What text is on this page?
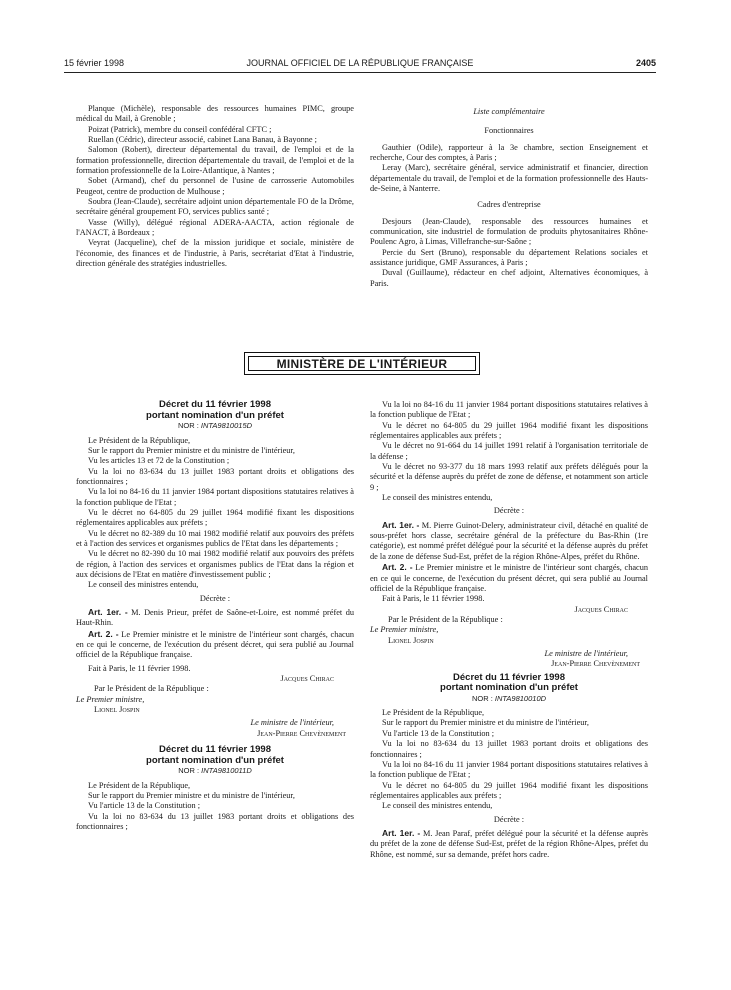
15 février 1998	JOURNAL OFFICIEL DE LA RÉPUBLIQUE FRANÇAISE	2405

Planque (Michèle), responsable des ressources humaines PIMC, groupe médical du Mail, à Grenoble ;

Poizat (Patrick), membre du conseil confédéral CFTC ;

Ruellan (Cédric), directeur associé, cabinet Lana Banau, à Bayonne ;

Salomon (Robert), directeur départemental du travail, de l'emploi et de la formation professionnelle, direction départementale du travail, de l'emploi et de la formation professionnelle de la Loire-Atlantique, à Nantes ;

Sobet (Armand), chef du personnel de l'usine de carrosserie Automobiles Peugeot, centre de production de Mulhouse ;

Soubra (Jean-Claude), secrétaire adjoint union départementale FO de la Drôme, secrétaire général groupement FO, services publics santé ;

Vasse (Willy), délégué régional ADERA-AACTA, action régionale de l'ANACT, à Bordeaux ;

Veyrat (Jacqueline), chef de la mission juridique et sociale, ministère de l'économie, des finances et de l'industrie, à Paris, secrétariat d'Etat à l'industrie, direction générale des stratégies industrielles.

Liste complémentaire

Fonctionnaires

Gauthier (Odile), rapporteur à la 3e chambre, section Enseignement et recherche, Cour des comptes, à Paris ;

Leray (Marc), secrétaire général, service administratif et financier, direction départementale du travail, de l'emploi et de la formation professionnelle des Hauts-de-Seine, à Nanterre.

Cadres d'entreprise

Desjours (Jean-Claude), responsable des ressources humaines et communication, site industriel de formulation de produits phytosanitaires Rhône-Poulenc Agro, à Limas, Villefranche-sur-Saône ;

Percie du Sert (Bruno), responsable du département Relations sociales et assistance juridique, GMF Assurances, à Paris ;

Duval (Guillaume), rédacteur en chef adjoint, Alternatives économiques, à Paris.

MINISTÈRE DE L'INTÉRIEUR
Décret du 11 février 1998
portant nomination d'un préfet
NOR : INTA9810015D

Le Président de la République,

Sur le rapport du Premier ministre et du ministre de l'intérieur,

Vu les articles 13 et 72 de la Constitution ;

Vu la loi no 83-634 du 13 juillet 1983 portant droits et obligations des fonctionnaires ;

Vu la loi no 84-16 du 11 janvier 1984 portant dispositions statutaires relatives à la fonction publique de l'Etat ;

Vu le décret no 64-805 du 29 juillet 1964 modifié fixant les dispositions réglementaires applicables aux préfets ;

Vu le décret no 82-389 du 10 mai 1982 modifié relatif aux pouvoirs des préfets et à l'action des services et organismes publics de l'Etat dans les départements ;

Vu le décret no 82-390 du 10 mai 1982 modifié relatif aux pouvoirs des préfets de région, à l'action des services et organismes publics de l'Etat dans la région et aux décisions de l'Etat en matière d'investissement public ;

Le conseil des ministres entendu,

Décrète :

Art. 1er. - M. Denis Prieur, préfet de Saône-et-Loire, est nommé préfet du Haut-Rhin.

Art. 2. - Le Premier ministre et le ministre de l'intérieur sont chargés, chacun en ce qui le concerne, de l'exécution du présent décret, qui sera publié au Journal officiel de la République française.

Fait à Paris, le 11 février 1998.

Jacques Chirac

Par le Président de la République :

Le Premier ministre,

Lionel Jospin

Le ministre de l'intérieur,

Jean-Pierre Chevènement

Décret du 11 février 1998
portant nomination d'un préfet
NOR : INTA9810011D

Le Président de la République,

Sur le rapport du Premier ministre et du ministre de l'intérieur,

Vu l'article 13 de la Constitution ;

Vu la loi no 83-634 du 13 juillet 1983 portant droits et obligations des fonctionnaires ;

Vu la loi no 84-16 du 11 janvier 1984 portant dispositions statutaires relatives à la fonction publique de l'Etat ;

Vu le décret no 64-805 du 29 juillet 1964 modifié fixant les dispositions réglementaires applicables aux préfets ;

Vu le décret no 91-664 du 14 juillet 1991 relatif à l'organisation territoriale de la défense ;

Vu le décret no 93-377 du 18 mars 1993 relatif aux préfets délégués pour la sécurité et la défense auprès du préfet de zone de défense, et notamment son article 9 ;

Le conseil des ministres entendu,

Décrète :

Art. 1er. - M. Pierre Guinot-Delery, administrateur civil, détaché en qualité de sous-préfet hors classe, secrétaire général de la préfecture du Bas-Rhin (1re catégorie), est nommé préfet délégué pour la sécurité et la défense auprès du préfet de la zone de défense Sud-Est, préfet de la région Rhône-Alpes, préfet du Rhône.

Art. 2. - Le Premier ministre et le ministre de l'intérieur sont chargés, chacun en ce qui le concerne, de l'exécution du présent décret, qui sera publié au Journal officiel de la République française.

Fait à Paris, le 11 février 1998.

Jacques Chirac

Par le Président de la République :

Le Premier ministre,

Lionel Jospin

Le ministre de l'intérieur,

Jean-Pierre Chevènement

Décret du 11 février 1998
portant nomination d'un préfet
NOR : INTA9810010D

Le Président de la République,

Sur le rapport du Premier ministre et du ministre de l'intérieur,

Vu l'article 13 de la Constitution ;

Vu la loi no 83-634 du 13 juillet 1983 portant droits et obligations des fonctionnaires ;

Vu la loi no 84-16 du 11 janvier 1984 portant dispositions statutaires relatives à la fonction publique de l'Etat ;

Vu le décret no 64-805 du 29 juillet 1964 modifié fixant les dispositions réglementaires applicables aux préfets ;

Le conseil des ministres entendu,

Décrète :

Art. 1er. - M. Jean Paraf, préfet délégué pour la sécurité et la défense auprès du préfet de la zone de défense Sud-Est, préfet de la région Rhône-Alpes, préfet du Rhône, est nommé, sur sa demande, préfet hors cadre.
